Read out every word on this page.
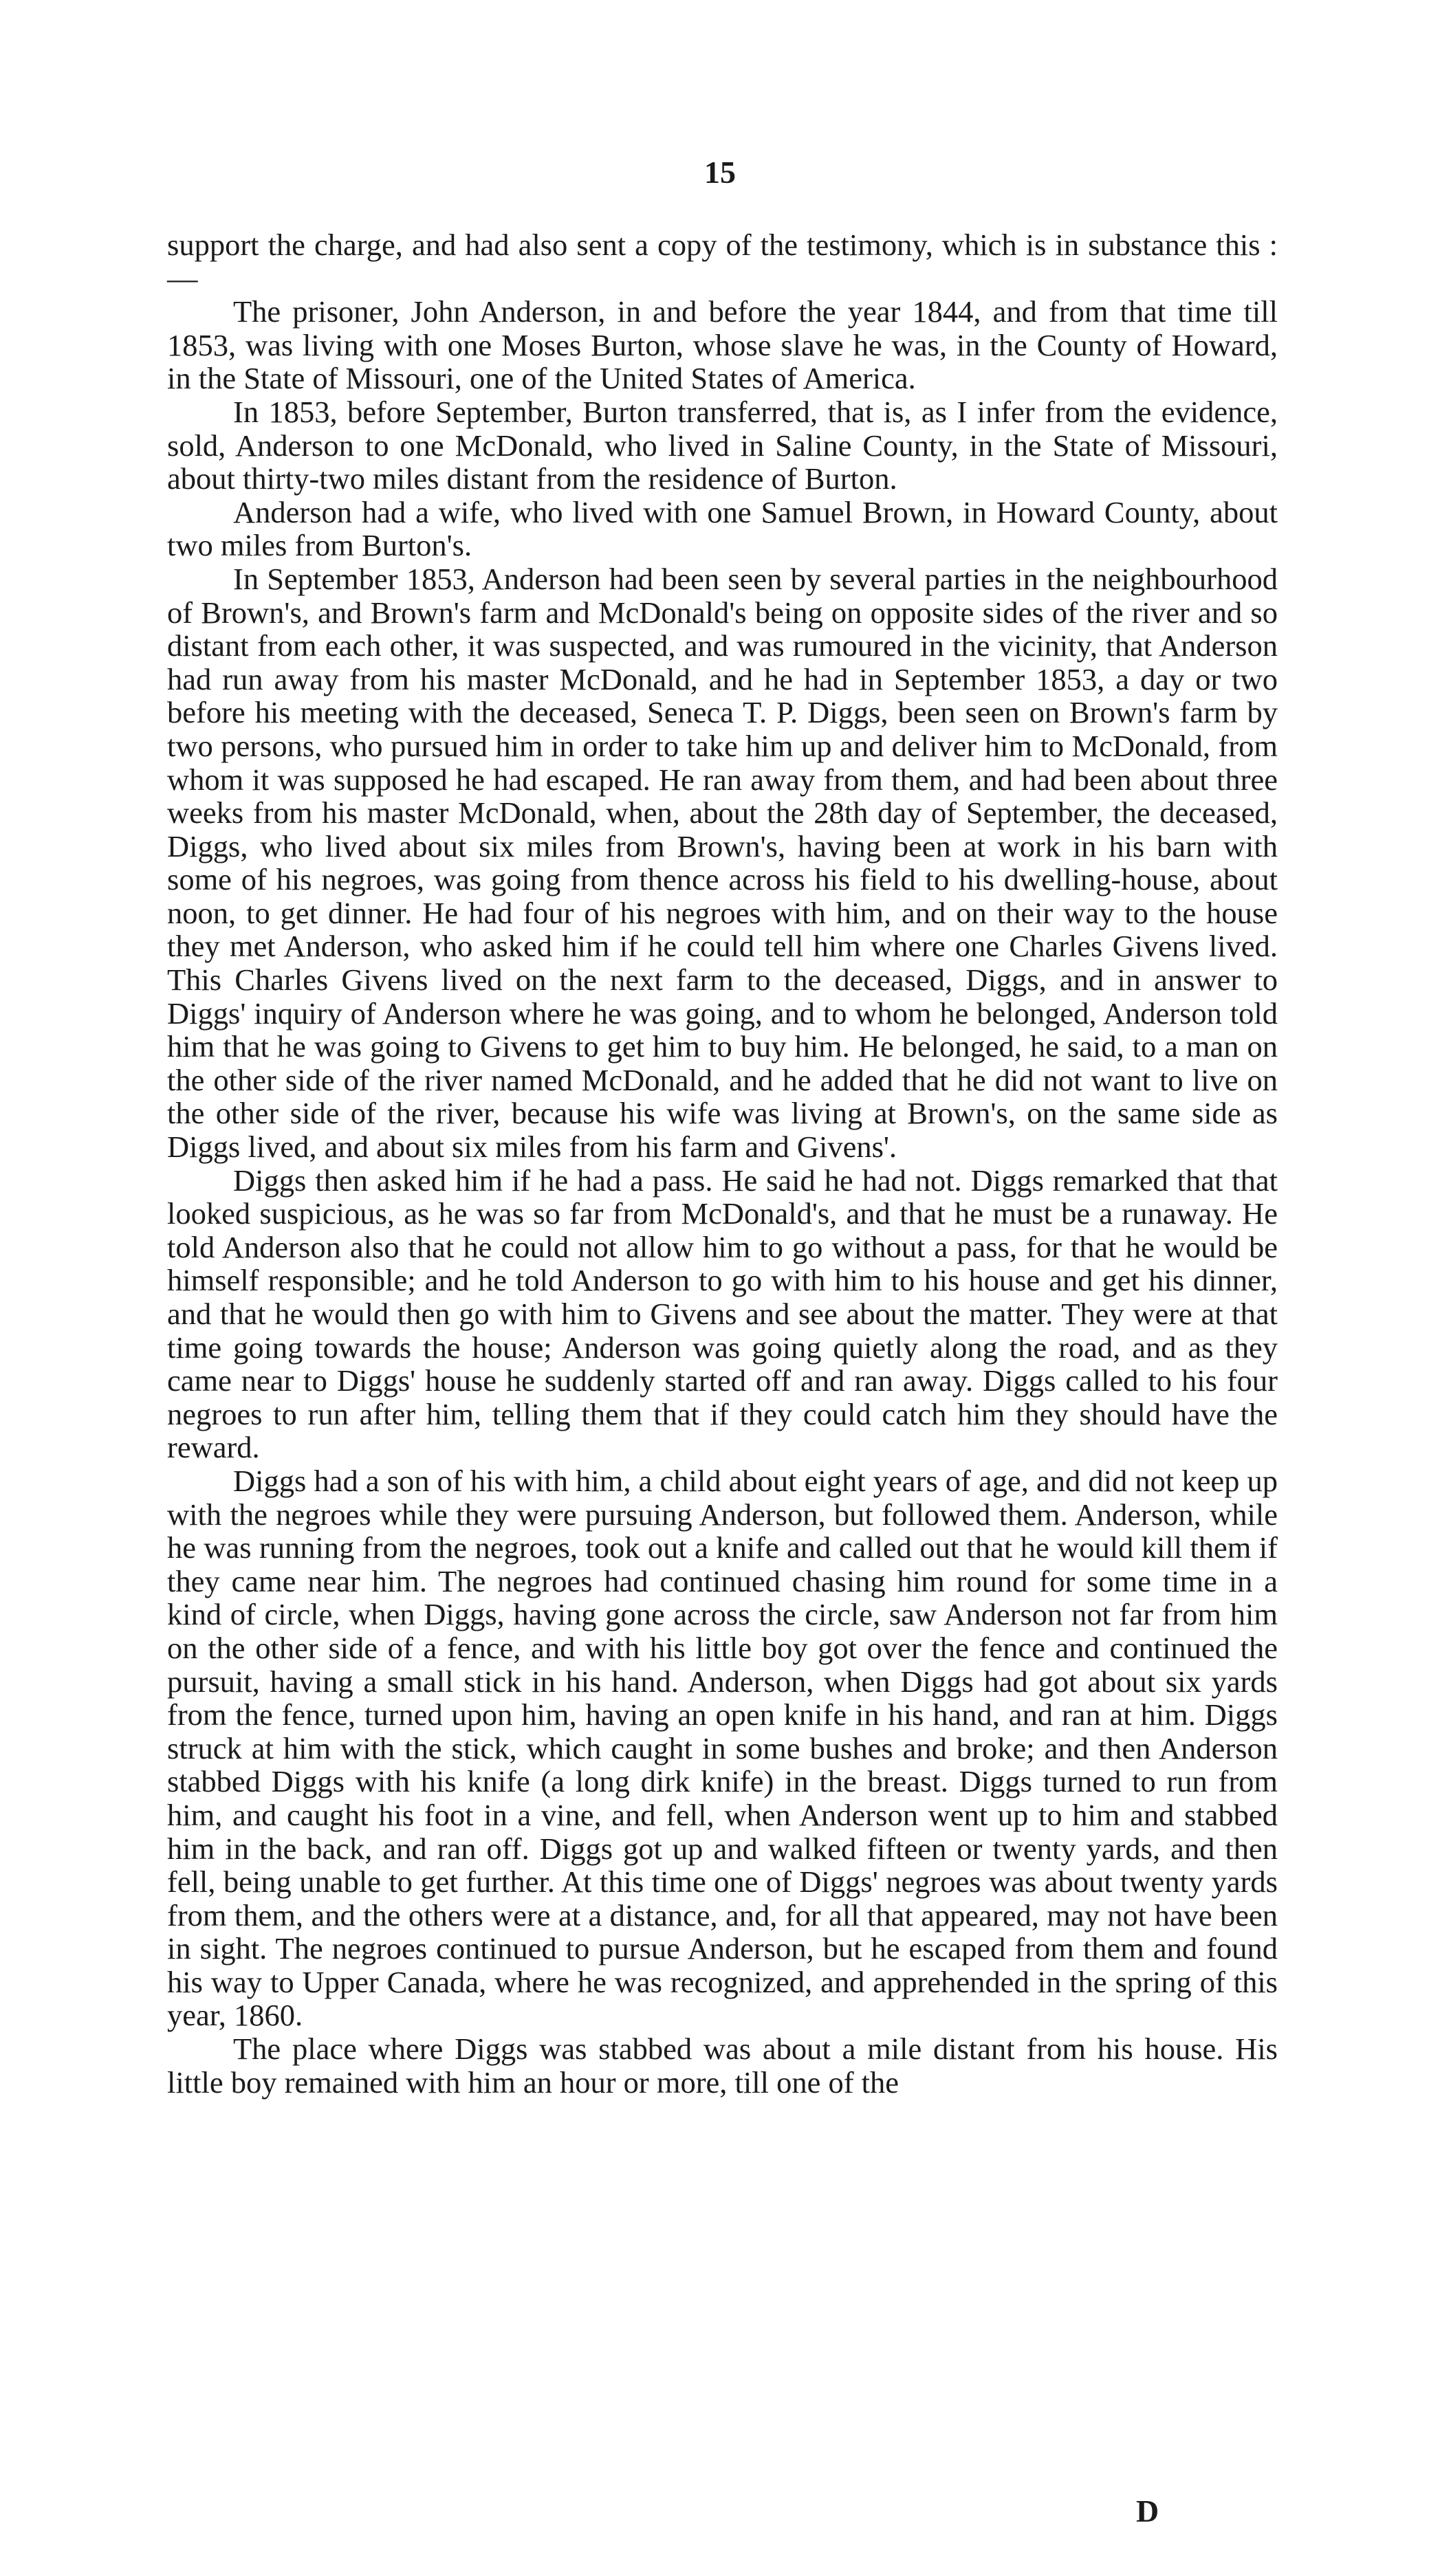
15

support the charge, and had also sent a copy of the testimony, which is in substance this :—

The prisoner, John Anderson, in and before the year 1844, and from that time till 1853, was living with one Moses Burton, whose slave he was, in the County of Howard, in the State of Missouri, one of the United States of America.

In 1853, before September, Burton transferred, that is, as I infer from the evidence, sold, Anderson to one McDonald, who lived in Saline County, in the State of Missouri, about thirty-two miles distant from the residence of Burton.

Anderson had a wife, who lived with one Samuel Brown, in Howard County, about two miles from Burton's.

In September 1853, Anderson had been seen by several parties in the neighbourhood of Brown's, and Brown's farm and McDonald's being on opposite sides of the river and so distant from each other, it was suspected, and was rumoured in the vicinity, that Anderson had run away from his master McDonald, and he had in September 1853, a day or two before his meeting with the deceased, Seneca T. P. Diggs, been seen on Brown's farm by two persons, who pursued him in order to take him up and deliver him to McDonald, from whom it was supposed he had escaped. He ran away from them, and had been about three weeks from his master McDonald, when, about the 28th day of September, the deceased, Diggs, who lived about six miles from Brown's, having been at work in his barn with some of his negroes, was going from thence across his field to his dwelling-house, about noon, to get dinner. He had four of his negroes with him, and on their way to the house they met Anderson, who asked him if he could tell him where one Charles Givens lived. This Charles Givens lived on the next farm to the deceased, Diggs, and in answer to Diggs' inquiry of Anderson where he was going, and to whom he belonged, Anderson told him that he was going to Givens to get him to buy him. He belonged, he said, to a man on the other side of the river named McDonald, and he added that he did not want to live on the other side of the river, because his wife was living at Brown's, on the same side as Diggs lived, and about six miles from his farm and Givens'.

Diggs then asked him if he had a pass. He said he had not. Diggs remarked that that looked suspicious, as he was so far from McDonald's, and that he must be a runaway. He told Anderson also that he could not allow him to go without a pass, for that he would be himself responsible; and he told Anderson to go with him to his house and get his dinner, and that he would then go with him to Givens and see about the matter. They were at that time going towards the house; Anderson was going quietly along the road, and as they came near to Diggs' house he suddenly started off and ran away. Diggs called to his four negroes to run after him, telling them that if they could catch him they should have the reward.

Diggs had a son of his with him, a child about eight years of age, and did not keep up with the negroes while they were pursuing Anderson, but followed them. Anderson, while he was running from the negroes, took out a knife and called out that he would kill them if they came near him. The negroes had continued chasing him round for some time in a kind of circle, when Diggs, having gone across the circle, saw Anderson not far from him on the other side of a fence, and with his little boy got over the fence and continued the pursuit, having a small stick in his hand. Anderson, when Diggs had got about six yards from the fence, turned upon him, having an open knife in his hand, and ran at him. Diggs struck at him with the stick, which caught in some bushes and broke; and then Anderson stabbed Diggs with his knife (a long dirk knife) in the breast. Diggs turned to run from him, and caught his foot in a vine, and fell, when Anderson went up to him and stabbed him in the back, and ran off. Diggs got up and walked fifteen or twenty yards, and then fell, being unable to get further. At this time one of Diggs' negroes was about twenty yards from them, and the others were at a distance, and, for all that appeared, may not have been in sight. The negroes continued to pursue Anderson, but he escaped from them and found his way to Upper Canada, where he was recognized, and apprehended in the spring of this year, 1860.

The place where Diggs was stabbed was about a mile distant from his house. His little boy remained with him an hour or more, till one of the

D
